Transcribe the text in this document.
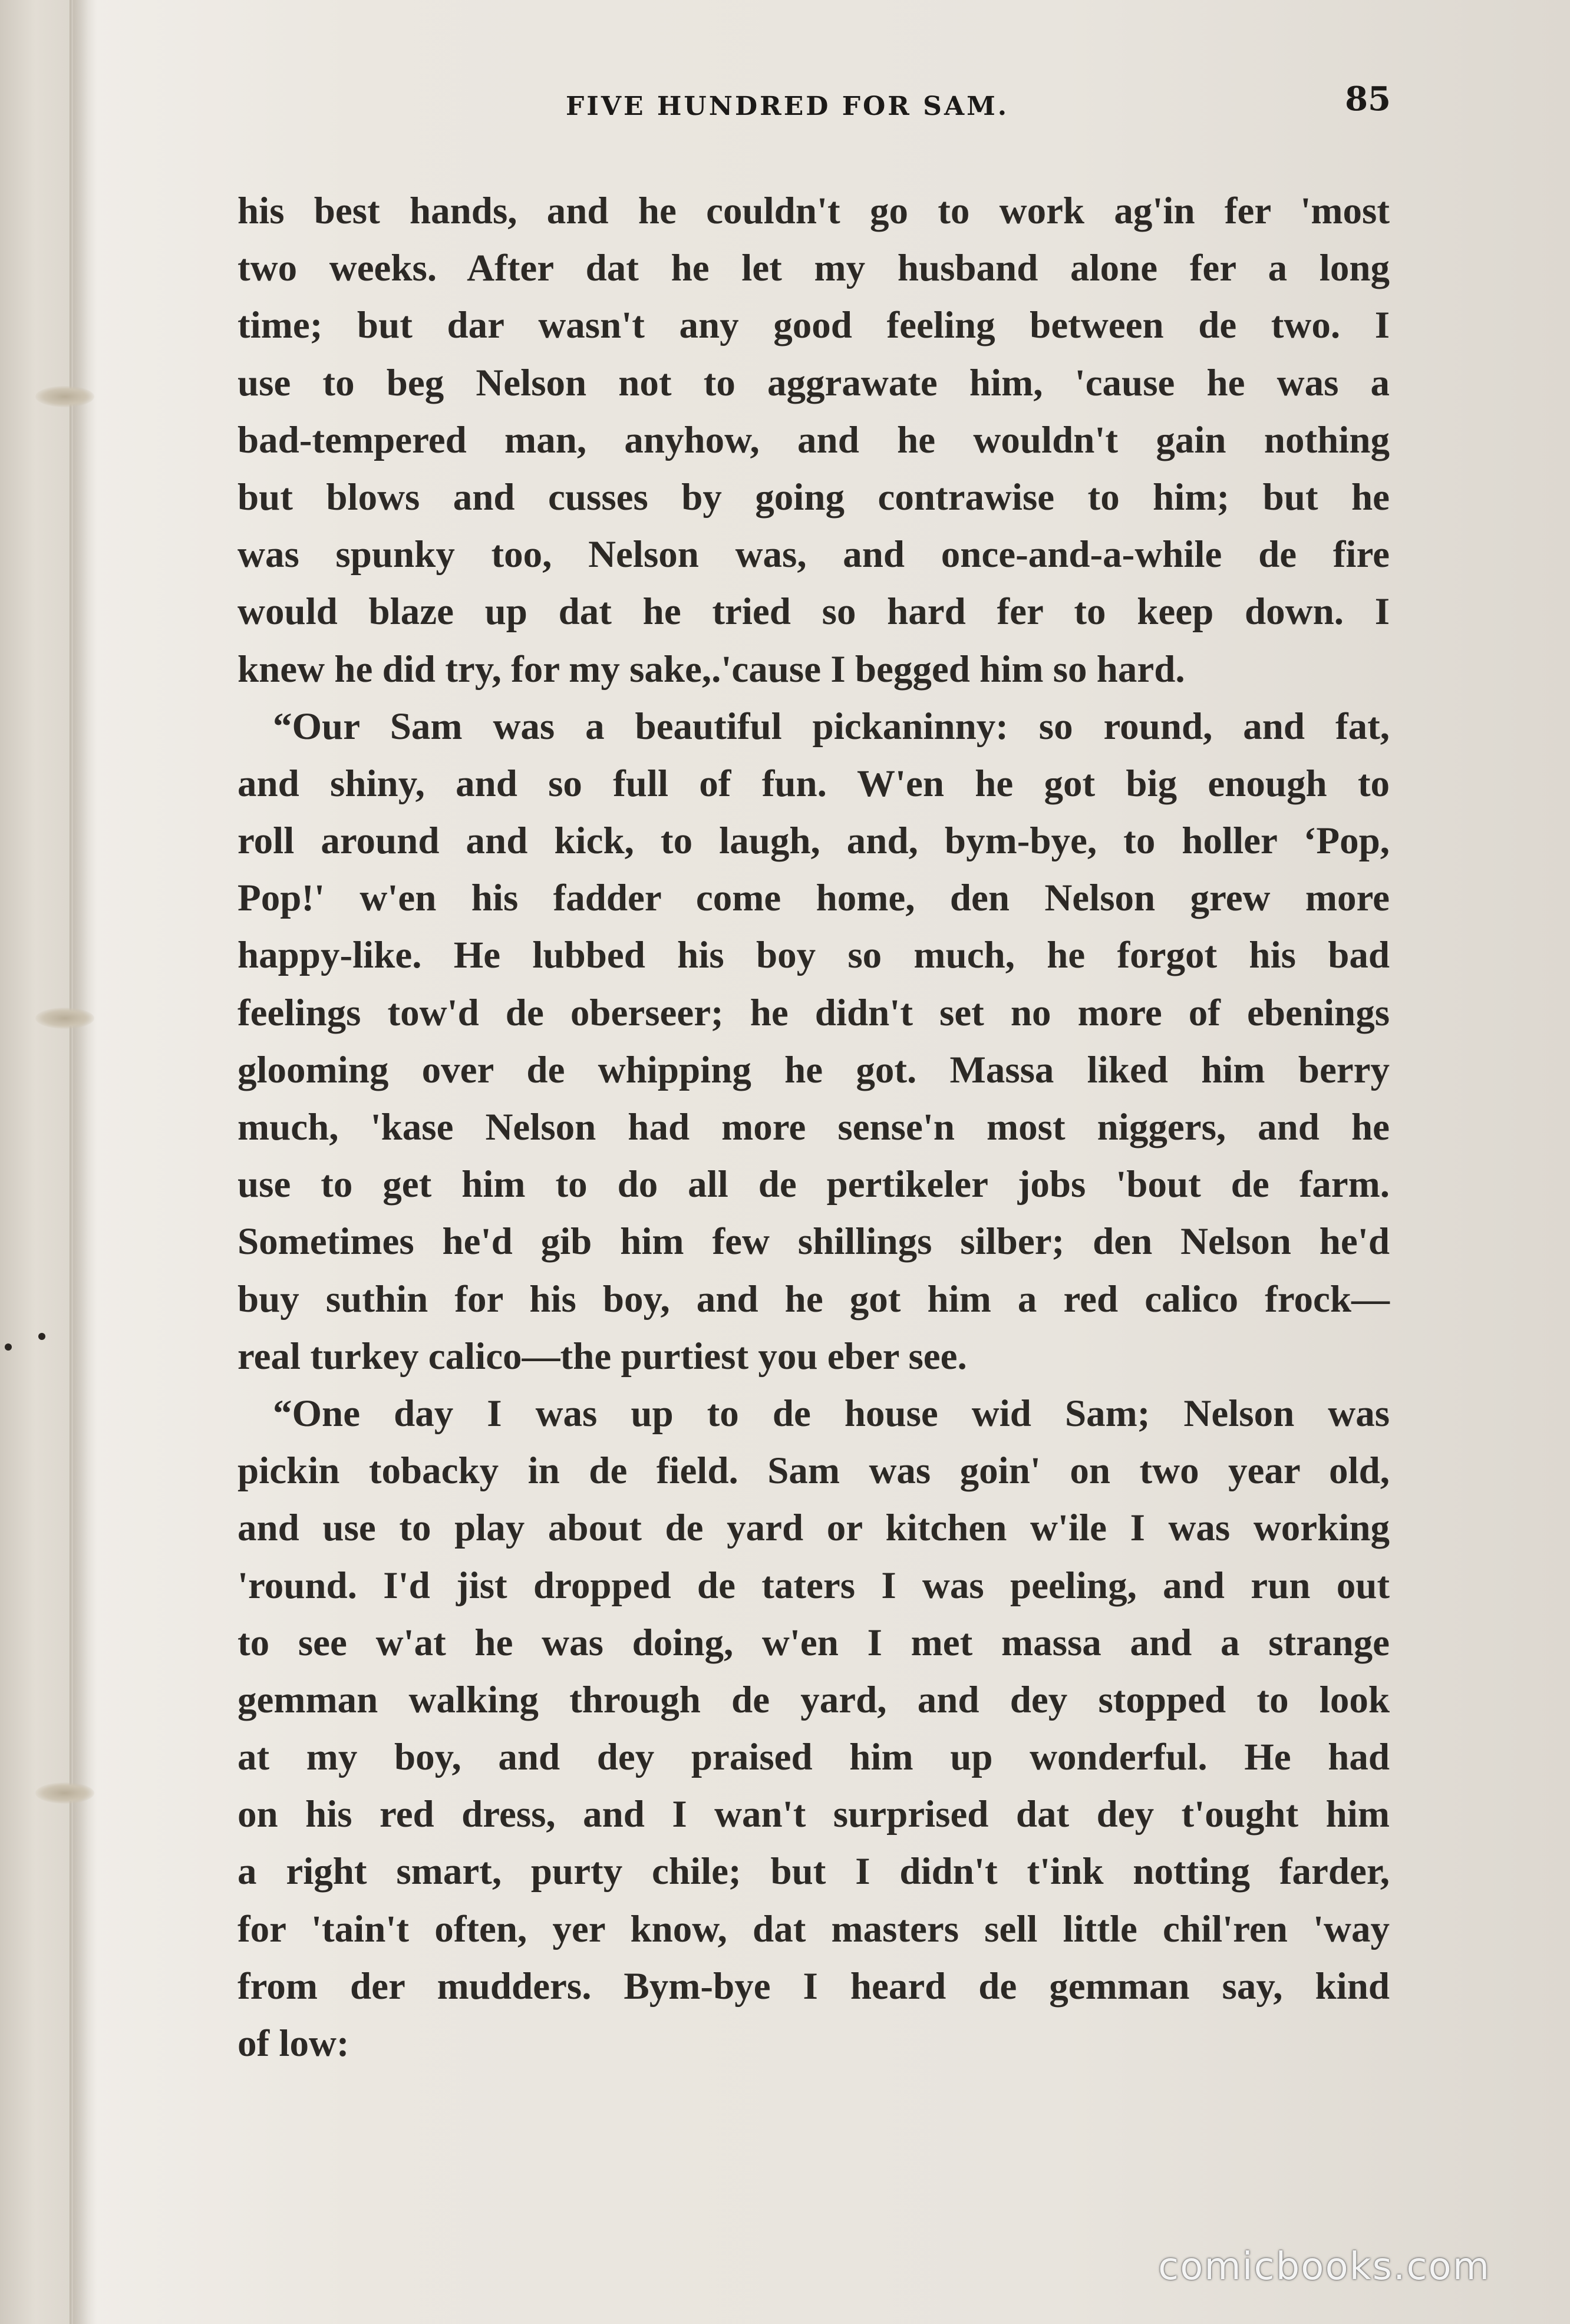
FIVE HUNDRED FOR SAM.	85
his best hands, and he couldn't go to work ag'in fer 'most
two weeks. After dat he let my husband alone fer a long
time; but dar wasn't any good feeling between de two. I
use to beg Nelson not to aggrawate him, 'cause he was a
bad-tempered man, anyhow, and he wouldn't gain nothing
but blows and cusses by going contrawise to him; but he
was spunky too, Nelson was, and once-and-a-while de fire
would blaze up dat he tried so hard fer to keep down. I
knew he did try, for my sake,.'cause I begged him so hard.
“Our Sam was a beautiful pickaninny: so round, and fat,
and shiny, and so full of fun. W'en he got big enough to
roll around and kick, to laugh, and, bym-bye, to holler ‘Pop,
Pop!' w'en his fadder come home, den Nelson grew more
happy-like. He lubbed his boy so much, he forgot his bad
feelings tow'd de oberseer; he didn't set no more of ebenings
glooming over de whipping he got. Massa liked him berry
much, 'kase Nelson had more sense'n most niggers, and he
use to get him to do all de pertikeler jobs 'bout de farm.
Sometimes he'd gib him few shillings silber; den Nelson he'd
buy suthin for his boy, and he got him a red calico frock—
real turkey calico—the purtiest you eber see.
“One day I was up to de house wid Sam; Nelson was
pickin tobacky in de field. Sam was goin' on two year old,
and use to play about de yard or kitchen w'ile I was working
'round. I'd jist dropped de taters I was peeling, and run out
to see w'at he was doing, w'en I met massa and a strange
gemman walking through de yard, and dey stopped to look
at my boy, and dey praised him up wonderful. He had
on his red dress, and I wan't surprised dat dey t'ought him
a right smart, purty chile; but I didn't t'ink notting farder,
for 'tain't often, yer know, dat masters sell little chil'ren 'way
from der mudders. Bym-bye I heard de gemman say, kind
of low:
comicbooks.com
